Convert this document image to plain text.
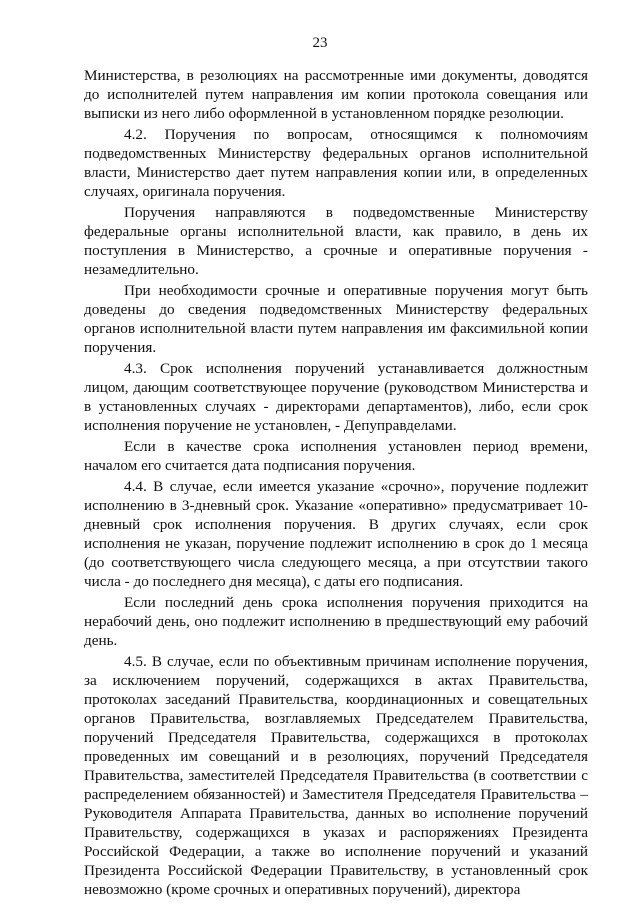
23

Министерства, в резолюциях на рассмотренные ими документы, доводятся до исполнителей путем направления им копии протокола совещания или выписки из него либо оформленной в установленном порядке резолюции.

4.2. Поручения по вопросам, относящимся к полномочиям подведомственных Министерству федеральных органов исполнительной власти, Министерство дает путем направления копии или, в определенных случаях, оригинала поручения.

Поручения направляются в подведомственные Министерству федеральные органы исполнительной власти, как правило, в день их поступления в Министерство, а срочные и оперативные поручения - незамедлительно.

При необходимости срочные и оперативные поручения могут быть доведены до сведения подведомственных Министерству федеральных органов исполнительной власти путем направления им факсимильной копии поручения.

4.3. Срок исполнения поручений устанавливается должностным лицом, дающим соответствующее поручение (руководством Министерства и в установленных случаях - директорами департаментов), либо, если срок исполнения поручение не установлен, - Депуправделами.

Если в качестве срока исполнения установлен период времени, началом его считается дата подписания поручения.

4.4. В случае, если имеется указание «срочно», поручение подлежит исполнению в 3-дневный срок. Указание «оперативно» предусматривает 10-дневный срок исполнения поручения. В других случаях, если срок исполнения не указан, поручение подлежит исполнению в срок до 1 месяца (до соответствующего числа следующего месяца, а при отсутствии такого числа - до последнего дня месяца), с даты его подписания.

Если последний день срока исполнения поручения приходится на нерабочий день, оно подлежит исполнению в предшествующий ему рабочий день.

4.5. В случае, если по объективным причинам исполнение поручения, за исключением поручений, содержащихся в актах Правительства, протоколах заседаний Правительства, координационных и совещательных органов Правительства, возглавляемых Председателем Правительства, поручений Председателя Правительства, содержащихся в протоколах проведенных им совещаний и в резолюциях, поручений Председателя Правительства, заместителей Председателя Правительства (в соответствии с распределением обязанностей) и Заместителя Председателя Правительства – Руководителя Аппарата Правительства, данных во исполнение поручений Правительству, содержащихся в указах и распоряжениях Президента Российской Федерации, а также во исполнение поручений и указаний Президента Российской Федерации Правительству, в установленный срок невозможно (кроме срочных и оперативных поручений), директора
